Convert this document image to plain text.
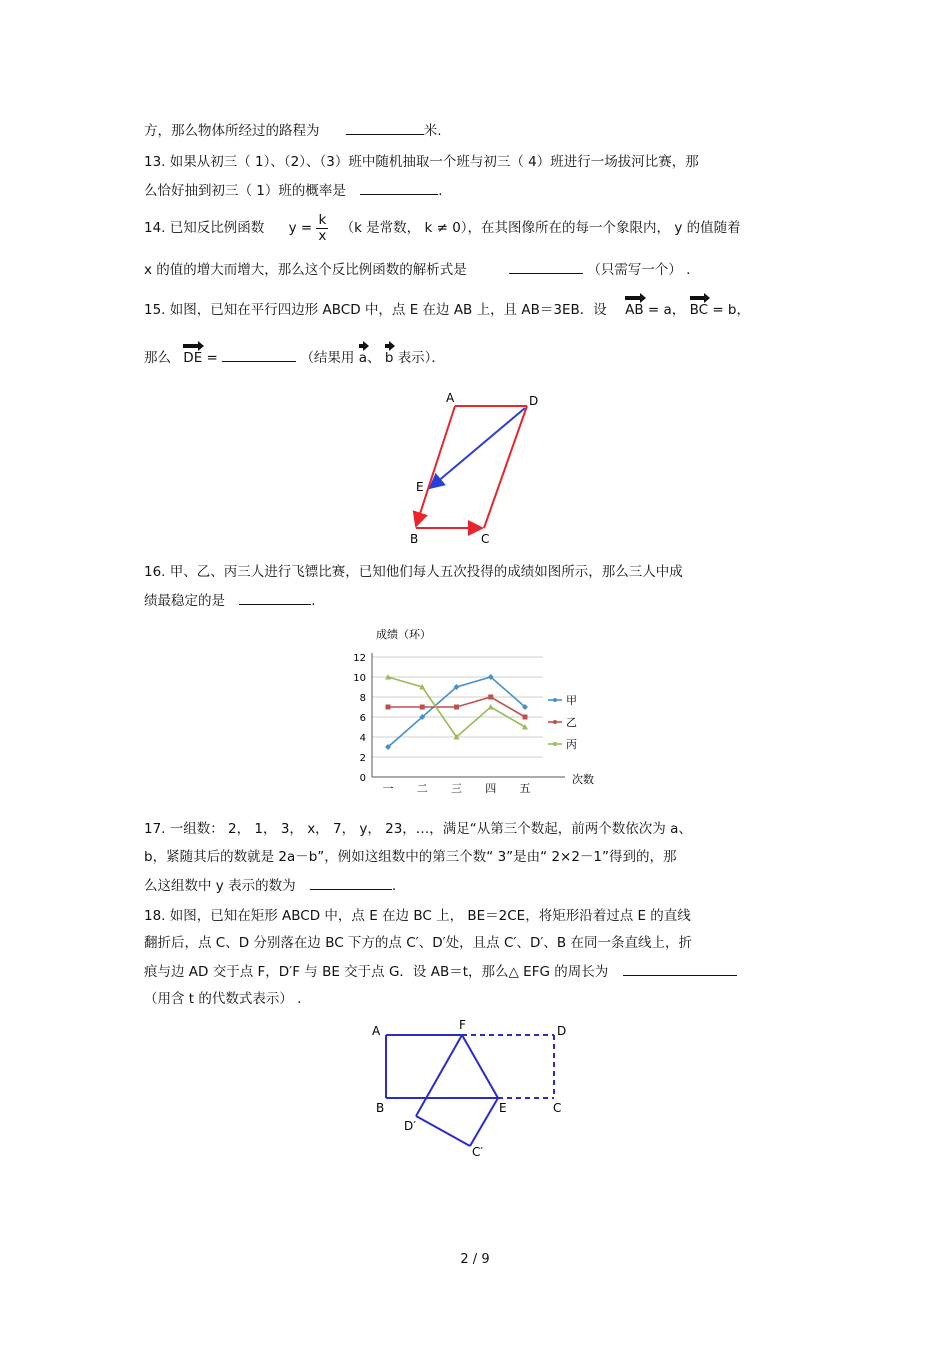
方，那么物体所经过的路程为	米.
13. 如果从初三（ 1）、（2）、（3）班中随机抽取一个班与初三（ 4）班进行一场拔河比赛，那
么恰好抽到初三（ 1）班的概率是	.
14. 已知反比例函数 $y = \frac{k}{x} (k$ 是常数， k ≠ 0），在其图像所在的每一个象限内， y 的值随着
x 的值的增大而增大，那么这个反比例函数的解析式是	（只需写一个） .
15. 如图，已知在平行四边形 ABCD 中，点 E 在边 AB 上，且 AB＝3EB．设 AB = a， BC = b，
那么 DE =	（结果用 a、 b 表示）．
A	D
E
B	C
16. 甲、乙、丙三人进行飞镖比赛，已知他们每人五次投得的成绩如图所示，那么三人中成
绩最稳定的是	.
0
2
4
6
8
10
12
一 二 三 四 五
甲
乙
丙
成绩（环）
次数
17. 一组数： 2， 1， 3， x， 7， y， 23，…，满足“从第三个数起，前两个数依次为 a、
b，紧随其后的数就是 2a－b”，例如这组数中的第三个数“ 3”是由“ 2×2－1”得到的，那
么这组数中 y 表示的数为	.
18. 如图，已知在矩形 ABCD 中，点 E 在边 BC 上， BE＝2CE，将矩形沿着过点 E 的直线
翻折后，点 C、D 分别落在边 BC 下方的点 C′、D′处，且点 C′、D′、B 在同一条直线上，折
痕与边 AD 交于点 F，D′F 与 BE 交于点 G．设 AB＝t，那么△ EFG 的周长为
（用含 t 的代数式表示） .
A	F	D
B	E	C
D′
C′
2 / 9
